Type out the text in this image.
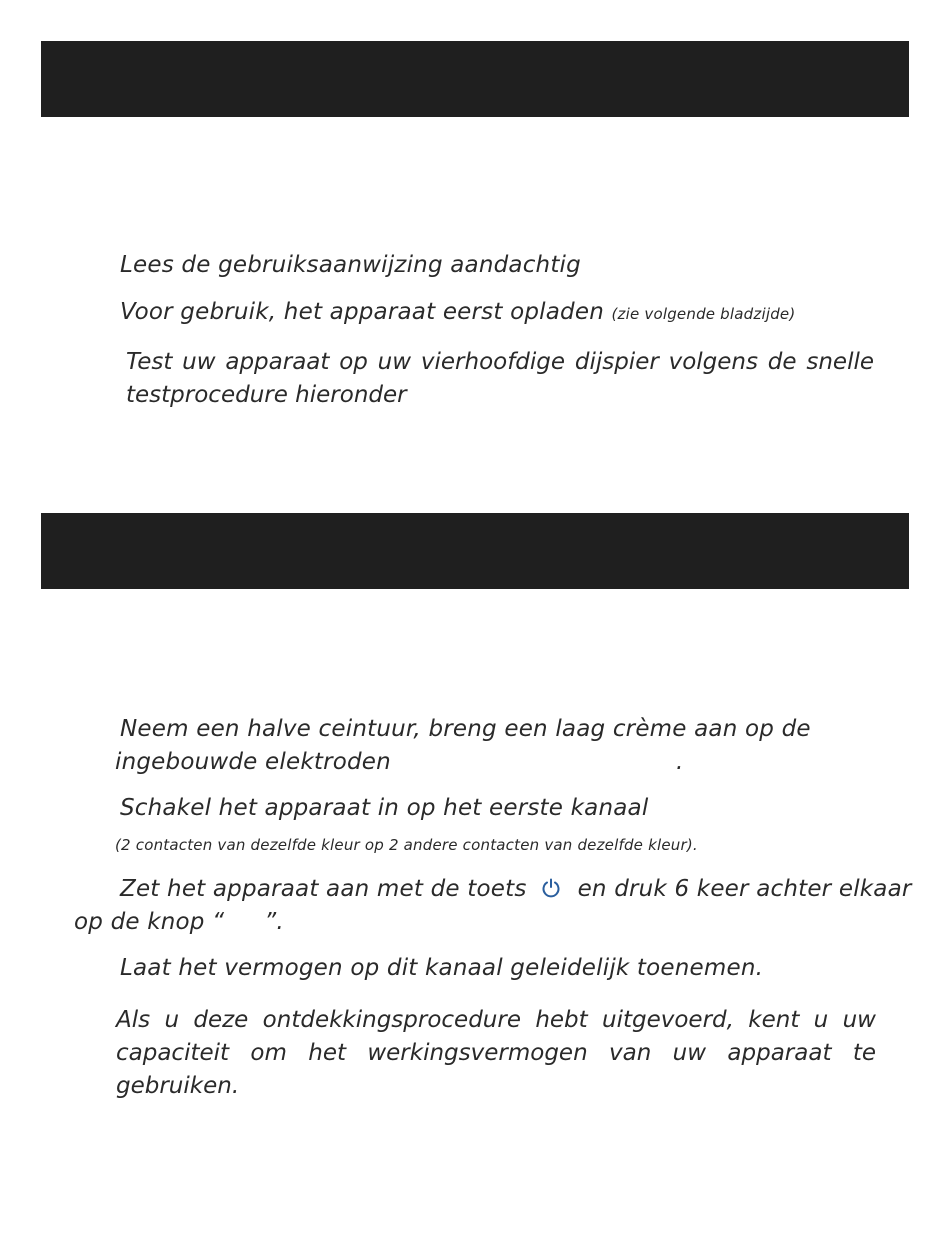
Lees de gebruiksaanwijzing aandachtig
Voor gebruik, het apparaat eerst opladen (zie volgende bladzijde)
Test uw apparaat op uw vierhoofdige dijspier volgens de snelle testprocedure hieronder
Neem een halve ceintuur, breng een laag crème aan op de
ingebouwde elektroden	.
Schakel het apparaat in op het eerste kanaal
(2 contacten van dezelfde kleur op 2 andere contacten van dezelfde kleur).
Zet het apparaat aan met de toets en druk 6 keer achter elkaar
op de knop “ ”.
Laat het vermogen op dit kanaal geleidelijk toenemen.
Als u deze ontdekkingsprocedure hebt uitgevoerd, kent u uw capaciteit om het werkingsvermogen van uw apparaat te gebruiken.
